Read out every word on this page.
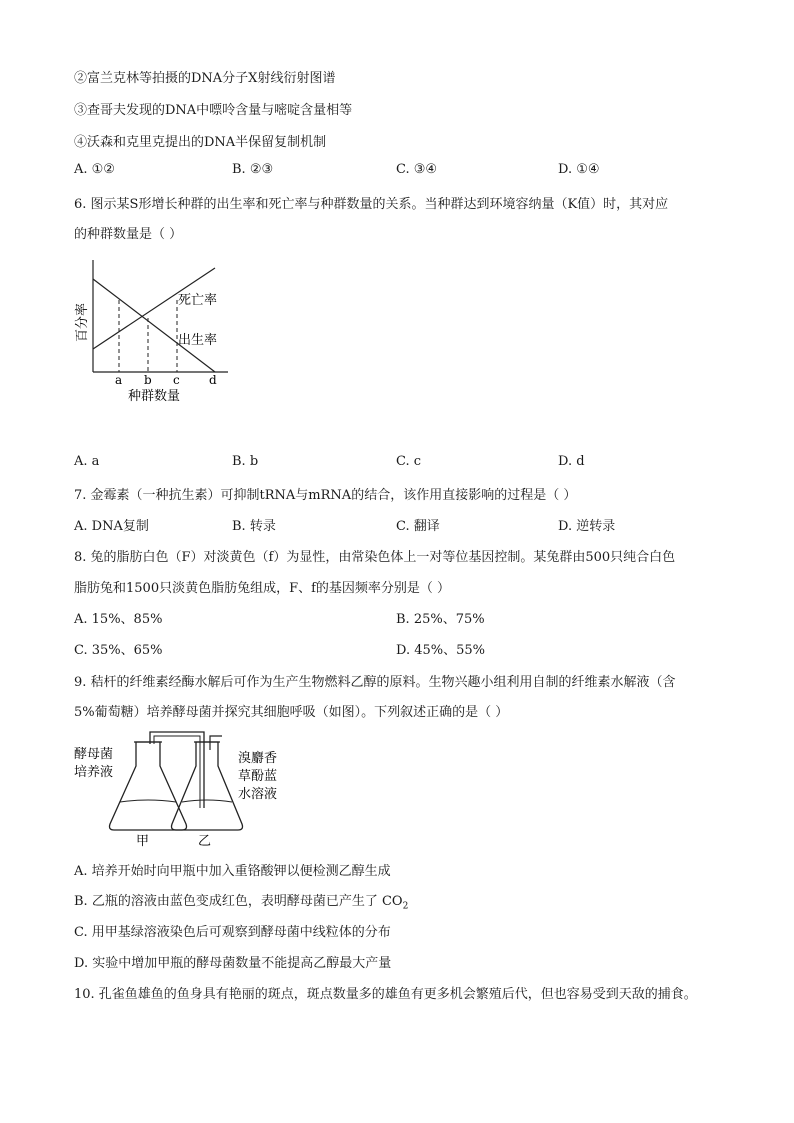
②富兰克林等拍摄的DNA分子X射线衍射图谱
③查哥夫发现的DNA中嘌呤含量与嘧啶含量相等
④沃森和克里克提出的DNA半保留复制机制
A. ①②	B. ②③	C. ③④	D. ①④
6. 图示某S形增长种群的出生率和死亡率与种群数量的关系。当种群达到环境容纳量（K值）时，其对应
的种群数量是（ ）
百分率
死亡率
出生率
a b c d
种群数量
A. a	B. b	C. c	D. d
7. 金霉素（一种抗生素）可抑制tRNA与mRNA的结合，该作用直接影响的过程是（ ）
A. DNA复制	B. 转录	C. 翻译	D. 逆转录
8. 兔的脂肪白色（F）对淡黄色（f）为显性，由常染色体上一对等位基因控制。某兔群由500只纯合白色
脂肪兔和1500只淡黄色脂肪兔组成，F、f的基因频率分别是（ ）
A. 15%、85%	B. 25%、75%
C. 35%、65%	D. 45%、55%
9. 秸杆的纤维素经酶水解后可作为生产生物燃料乙醇的原料。生物兴趣小组利用自制的纤维素水解液（含
5%葡萄糖）培养酵母菌并探究其细胞呼吸（如图）。下列叙述正确的是（ ）
酵母菌
培养液
溴麝香
草酚蓝
水溶液
甲	乙
A. 培养开始时向甲瓶中加入重铬酸钾以便检测乙醇生成
B. 乙瓶的溶液由蓝色变成红色，表明酵母菌已产生了 $CO_2$
C. 用甲基绿溶液染色后可观察到酵母菌中线粒体的分布
D. 实验中增加甲瓶的酵母菌数量不能提高乙醇最大产量
10. 孔雀鱼雄鱼的鱼身具有艳丽的斑点，斑点数量多的雄鱼有更多机会繁殖后代，但也容易受到天敌的捕食。
